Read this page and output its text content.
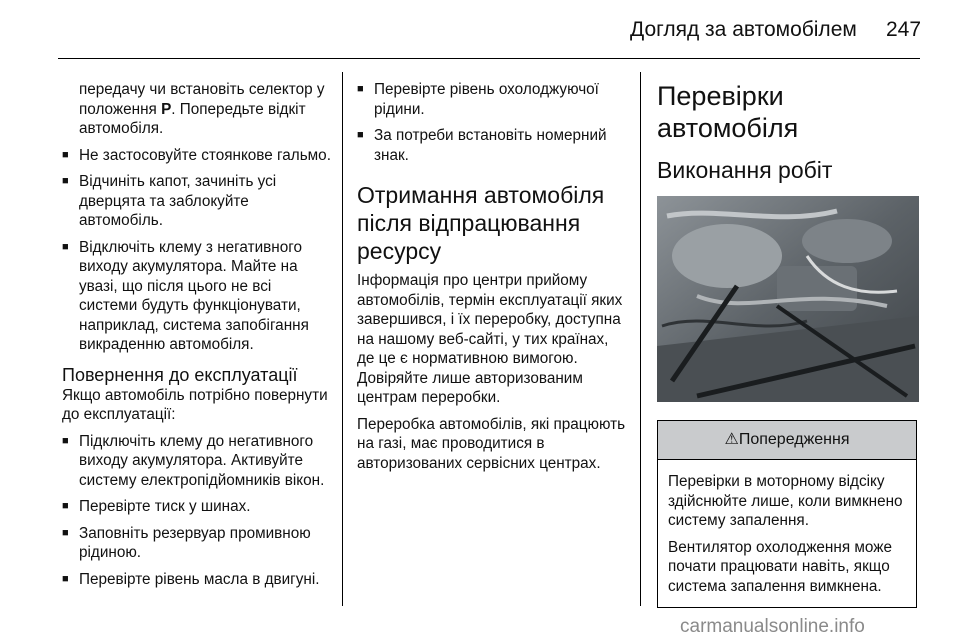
Догляд за автомобілем 247

передачу чи встановіть селектор у положення P. Попередьте відкіт автомобіля.

■ Не застосовуйте стоянкове гальмо.
■ Відчиніть капот, зачиніть усі дверцята та заблокуйте автомобіль.
■ Відключіть клему з негативного виходу акумулятора. Майте на увазі, що після цього не всі системи будуть функціонувати, наприклад, система запобігання викраденню автомобіля.
Повернення до експлуатації

Якщо автомобіль потрібно повернути до експлуатації:

■ Підключіть клему до негативного виходу акумулятора. Активуйте систему електропідйомників вікон.
■ Перевірте тиск у шинах.
■ Заповніть резервуар промивною рідиною.
■ Перевірте рівень масла в двигуні.
■ Перевірте рівень охолоджуючої рідини.
■ За потреби встановіть номерний знак.
Отримання автомобіля після відпрацювання ресурсу

Інформація про центри прийому автомобілів, термін експлуатації яких завершився, і їх переробку, доступна на нашому веб-сайті, у тих країнах, де це є нормативною вимогою. Довіряйте лише авторизованим центрам переробки.

Переробка автомобілів, які працюють на газі, має проводитися в авторизованих сервісних центрах.

Перевірки автомобіля
Виконання робіт
⚠Попередження

Перевірки в моторному відсіку здійснюйте лише, коли вимкнено систему запалення.

Вентилятор охолодження може почати працювати навіть, якщо система запалення вимкнена.

carmanualsonline.info
